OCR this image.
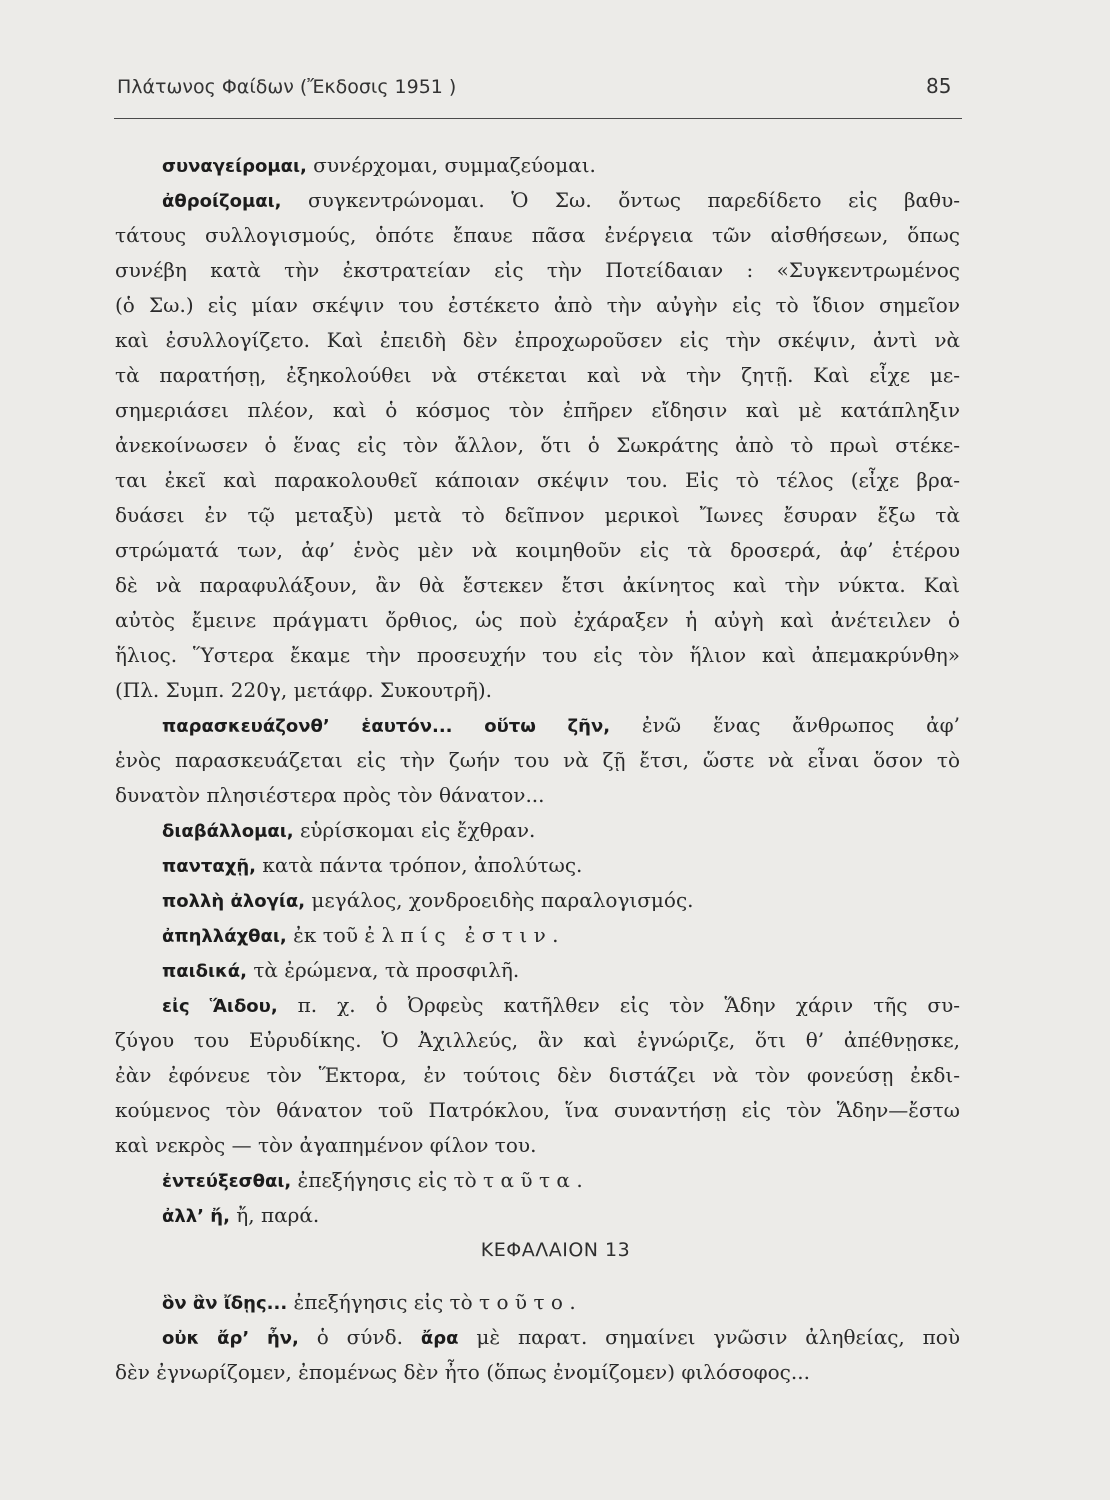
Πλάτωνος Φαίδων (Ἔκδοσις 1951 )	85
συναγείρομαι, συνέρχομαι, συμμαζεύομαι.
ἀθροίζομαι, συγκεντρώνομαι. Ὁ Σω. ὄντως παρεδίδετο εἰς βαθυ-
τάτους συλλογισμούς, ὁπότε ἔπαυε πᾶσα ἐνέργεια τῶν αἰσθήσεων, ὅπως
συνέβη κατὰ τὴν ἐκστρατείαν εἰς τὴν Ποτείδαιαν : «Συγκεντρωμένος
(ὁ Σω.) εἰς μίαν σκέψιν του ἐστέκετο ἀπὸ τὴν αὐγὴν εἰς τὸ ἴδιον σημεῖον
καὶ ἐσυλλογίζετο. Καὶ ἐπειδὴ δὲν ἐπροχωροῦσεν εἰς τὴν σκέψιν, ἀντὶ νὰ
τὰ παρατήσῃ, ἐξηκολούθει νὰ στέκεται καὶ νὰ τὴν ζητῇ. Καὶ εἶχε με-
σημεριάσει πλέον, καὶ ὁ κόσμος τὸν ἐπῆρεν εἴδησιν καὶ μὲ κατάπληξιν
ἀνεκοίνωσεν ὁ ἕνας εἰς τὸν ἄλλον, ὅτι ὁ Σωκράτης ἀπὸ τὸ πρωὶ στέκε-
ται ἐκεῖ καὶ παρακολουθεῖ κάποιαν σκέψιν του. Εἰς τὸ τέλος (εἶχε βρα-
δυάσει ἐν τῷ μεταξὺ) μετὰ τὸ δεῖπνον μερικοὶ Ἴωνες ἔσυραν ἔξω τὰ
στρώματά των, ἀφ’ ἑνὸς μὲν νὰ κοιμηθοῦν εἰς τὰ δροσερά, ἀφ’ ἑτέρου
δὲ νὰ παραφυλάξουν, ἂν θὰ ἔστεκεν ἔτσι ἀκίνητος καὶ τὴν νύκτα. Καὶ
αὐτὸς ἔμεινε πράγματι ὄρθιος, ὡς ποὺ ἐχάραξεν ἡ αὐγὴ καὶ ἀνέτειλεν ὁ
ἥλιος. Ὕστερα ἔκαμε τὴν προσευχήν του εἰς τὸν ἥλιον καὶ ἀπεμακρύνθη»
(Πλ. Συμπ. 220γ, μετάφρ. Συκουτρῆ).
παρασκευάζονθ’ ἑαυτόν... οὕτω ζῆν, ἐνῶ ἕνας ἄνθρωπος ἀφ’
ἑνὸς παρασκευάζεται εἰς τὴν ζωήν του νὰ ζῇ ἔτσι, ὥστε νὰ εἶναι ὅσον τὸ
δυνατὸν πλησιέστερα πρὸς τὸν θάνατον...
διαβάλλομαι, εὑρίσκομαι εἰς ἔχθραν.
πανταχῇ, κατὰ πάντα τρόπον, ἀπολύτως.
πολλὴ ἀλογία, μεγάλος, χονδροειδὴς παραλογισμός.
ἀπηλλάχθαι, ἐκ τοῦ ἐλπίς ἐστιν.
παιδικά, τὰ ἐρώμενα, τὰ προσφιλῆ.
εἰς Ἅιδου, π. χ. ὁ Ὀρφεὺς κατῆλθεν εἰς τὸν Ἅδην χάριν τῆς συ-
ζύγου του Εὐρυδίκης. Ὁ Ἀχιλλεύς, ἂν καὶ ἐγνώριζε, ὅτι θ’ ἀπέθνῃσκε,
ἐὰν ἐφόνευε τὸν Ἕκτορα, ἐν τούτοις δὲν διστάζει νὰ τὸν φονεύσῃ ἐκδι-
κούμενος τὸν θάνατον τοῦ Πατρόκλου, ἵνα συναντήσῃ εἰς τὸν Ἅδην—ἔστω
καὶ νεκρὸς — τὸν ἀγαπημένον φίλον του.
ἐντεύξεσθαι, ἐπεξήγησις εἰς τὸ ταῦτα.
ἀλλ’ ἤ, ἤ, παρά.
ΚΕΦΑΛΑΙΟΝ 13
ὃν ἂν ἴδῃς... ἐπεξήγησις εἰς τὸ τοῦτο.
οὐκ ἄρ’ ἦν, ὁ σύνδ. ἄρα μὲ παρατ. σημαίνει γνῶσιν ἀληθείας, ποὺ
δὲν ἐγνωρίζομεν, ἐπομένως δὲν ἦτο (ὅπως ἐνομίζομεν) φιλόσοφος...
